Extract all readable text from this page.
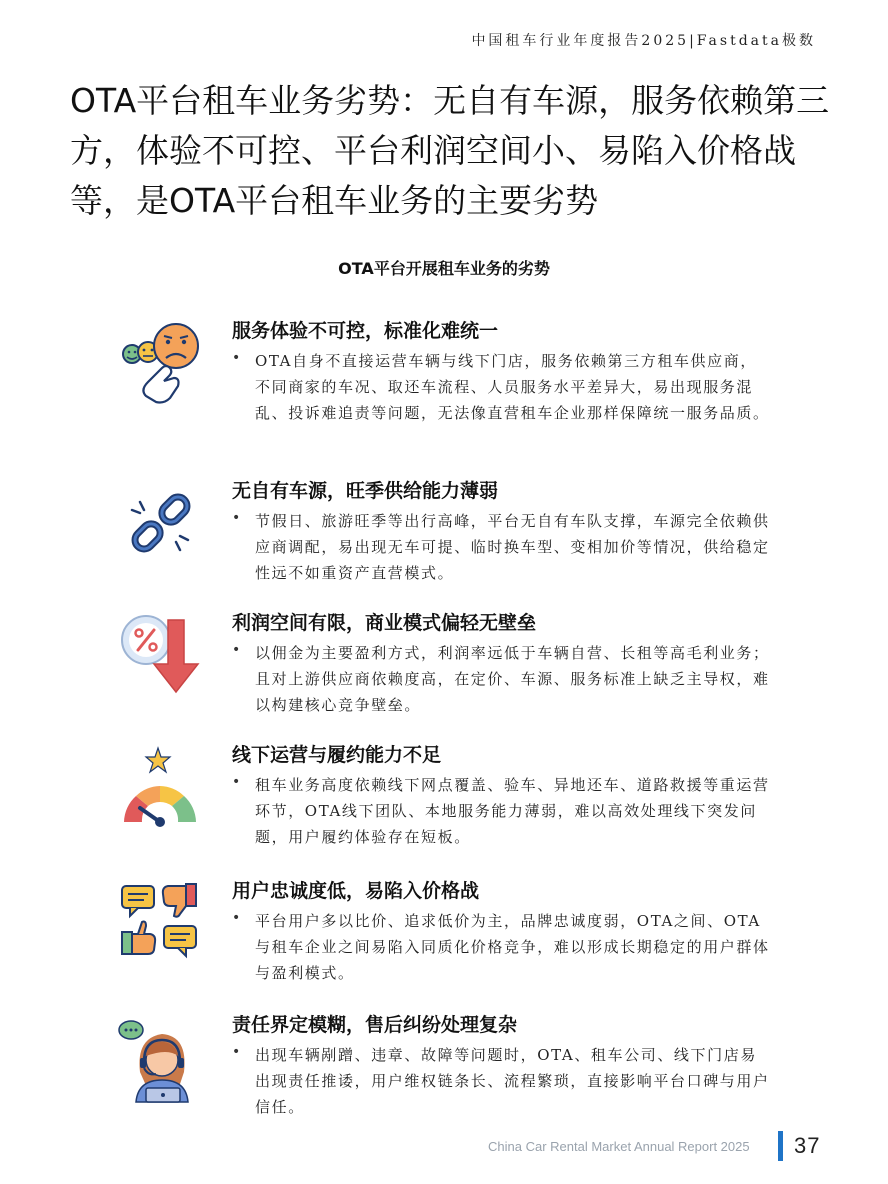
中国租车行业年度报告2025|Fastdata极数
OTA平台租车业务劣势：无自有车源，服务依赖第三方，体验不可控、平台利润空间小、易陷入价格战等，是OTA平台租车业务的主要劣势
OTA平台开展租车业务的劣势
服务体验不可控，标准化难统一
• OTA自身不直接运营车辆与线下门店，服务依赖第三方租车供应商，不同商家的车况、取还车流程、人员服务水平差异大，易出现服务混乱、投诉难追责等问题，无法像直营租车企业那样保障统一服务品质。

无自有车源，旺季供给能力薄弱
• 节假日、旅游旺季等出行高峰，平台无自有车队支撑，车源完全依赖供应商调配，易出现无车可提、临时换车型、变相加价等情况，供给稳定性远不如重资产直营模式。

利润空间有限，商业模式偏轻无壁垒
• 以佣金为主要盈利方式，利润率远低于车辆自营、长租等高毛利业务；且对上游供应商依赖度高，在定价、车源、服务标准上缺乏主导权，难以构建核心竞争壁垒。

线下运营与履约能力不足
• 租车业务高度依赖线下网点覆盖、验车、异地还车、道路救援等重运营环节，OTA线下团队、本地服务能力薄弱，难以高效处理线下突发问题，用户履约体验存在短板。

用户忠诚度低，易陷入价格战
• 平台用户多以比价、追求低价为主，品牌忠诚度弱，OTA之间、OTA与租车企业之间易陷入同质化价格竞争，难以形成长期稳定的用户群体与盈利模式。

责任界定模糊，售后纠纷处理复杂
• 出现车辆剐蹭、违章、故障等问题时，OTA、租车公司、线下门店易出现责任推诿，用户维权链条长、流程繁琐，直接影响平台口碑与用户信任。

China Car Rental Market Annual Report 2025 37
